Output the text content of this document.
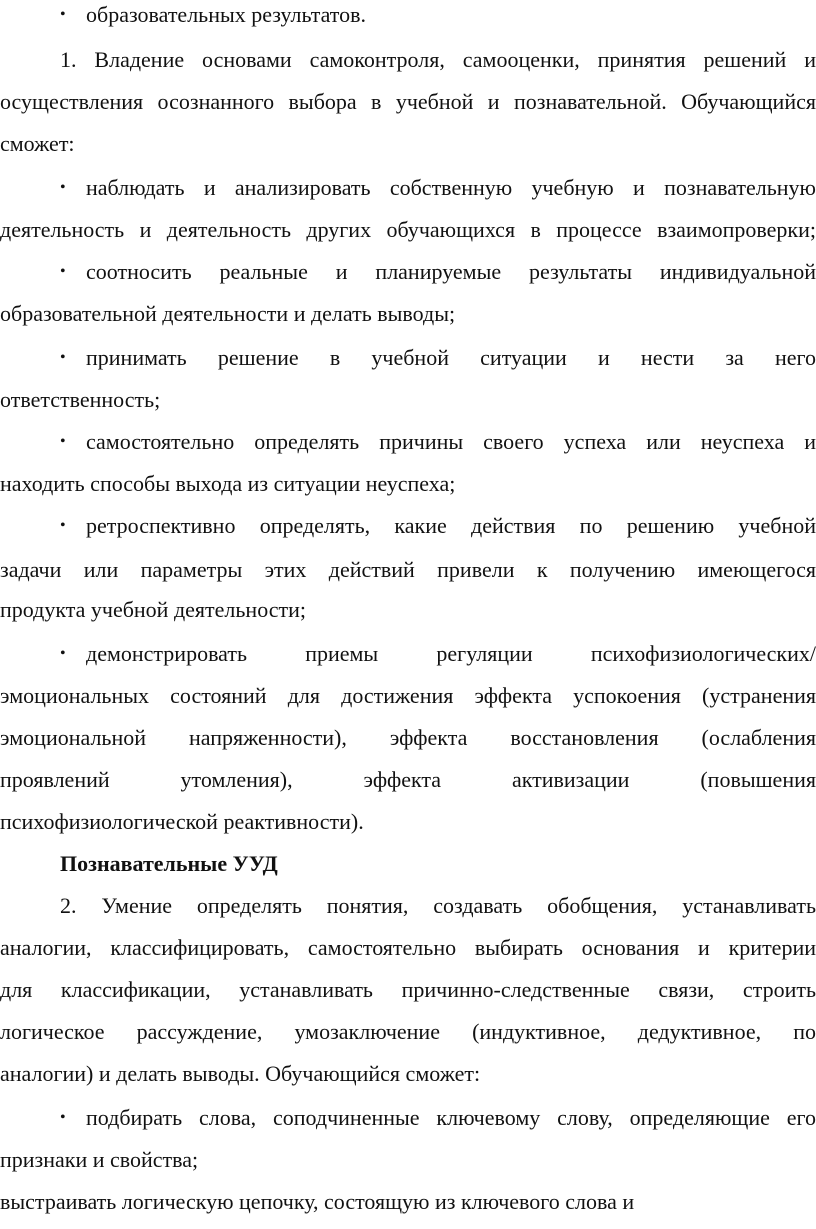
• образовательных результатов.
1. Владение основами самоконтроля, самооценки, принятия решений и
осуществления осознанного выбора в учебной и познавательной. Обучающийся
сможет:
• наблюдать и анализировать собственную учебную и познавательную
деятельность и деятельность других обучающихся в процессе взаимопроверки;
• соотносить реальные и планируемые результаты индивидуальной
образовательной деятельности и делать выводы;
• принимать решение в учебной ситуации и нести за него
ответственность;
• самостоятельно определять причины своего успеха или неуспеха и
находить способы выхода из ситуации неуспеха;
• ретроспективно определять, какие действия по решению учебной
задачи или параметры этих действий привели к получению имеющегося
продукта учебной деятельности;
• демонстрировать приемы регуляции психофизиологических/
эмоциональных состояний для достижения эффекта успокоения (устранения
эмоциональной напряженности), эффекта восстановления (ослабления
проявлений утомления), эффекта активизации (повышения
психофизиологической реактивности).
Познавательные УУД
2. Умение определять понятия, создавать обобщения, устанавливать
аналогии, классифицировать, самостоятельно выбирать основания и критерии
для классификации, устанавливать причинно-следственные связи, строить
логическое рассуждение, умозаключение (индуктивное, дедуктивное, по
аналогии) и делать выводы. Обучающийся сможет:
• подбирать слова, соподчиненные ключевому слову, определяющие его
признаки и свойства;
выстраивать логическую цепочку, состоящую из ключевого слова и
